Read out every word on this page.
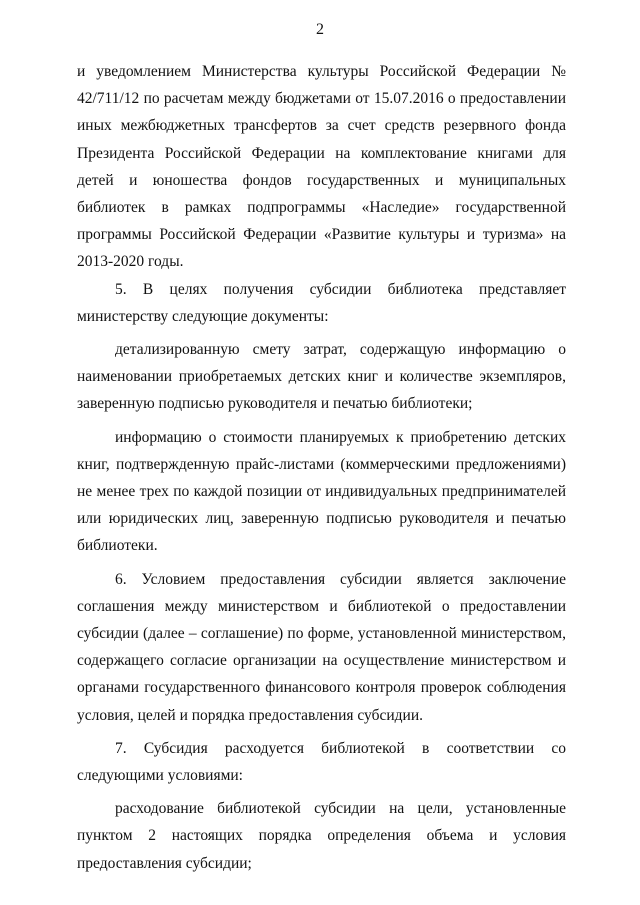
2

и уведомлением Министерства культуры Российской Федерации № 42/711/12 по расчетам между бюджетами от 15.07.2016 о предоставлении иных межбюджетных трансфертов за счет средств резервного фонда Президента Российской Федерации на комплектование книгами для детей и юношества фондов государственных и муниципальных библиотек в рамках подпрограммы «Наследие» государственной программы Российской Федерации «Развитие культуры и туризма» на 2013-2020 годы.

5. В целях получения субсидии библиотека представляет министерству следующие документы:

детализированную смету затрат, содержащую информацию о наименовании приобретаемых детских книг и количестве экземпляров, заверенную подписью руководителя и печатью библиотеки;

информацию о стоимости планируемых к приобретению детских книг, подтвержденную прайс-листами (коммерческими предложениями) не менее трех по каждой позиции от индивидуальных предпринимателей или юридических лиц, заверенную подписью руководителя и печатью библиотеки.

6. Условием предоставления субсидии является заключение соглашения между министерством и библиотекой о предоставлении субсидии (далее – соглашение) по форме, установленной министерством, содержащего согласие организации на осуществление министерством и органами государственного финансового контроля проверок соблюдения условия, целей и порядка предоставления субсидии.

7. Субсидия расходуется библиотекой в соответствии со следующими условиями:

расходование библиотекой субсидии на цели, установленные пунктом 2 настоящих порядка определения объема и условия предоставления субсидии;
